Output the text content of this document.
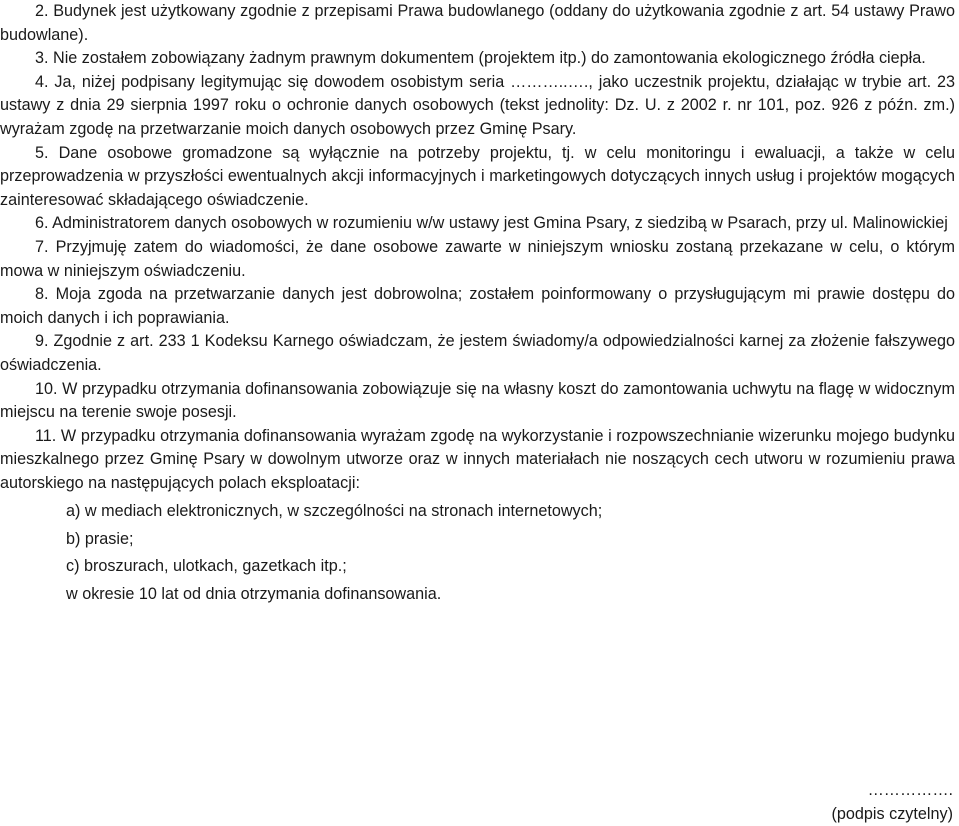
2. Budynek jest użytkowany zgodnie z przepisami Prawa budowlanego (oddany do użytkowania zgodnie z art. 54 ustawy Prawo budowlane).

3. Nie zostałem zobowiązany żadnym prawnym dokumentem (projektem itp.) do zamontowania ekologicznego źródła ciepła.

4. Ja, niżej podpisany legitymując się dowodem osobistym seria ………..…., jako uczestnik projektu, działając w trybie art. 23 ustawy z dnia 29 sierpnia 1997 roku o ochronie danych osobowych (tekst jednolity: Dz. U. z 2002 r. nr 101, poz. 926 z późn. zm.) wyrażam zgodę na przetwarzanie moich danych osobowych przez Gminę Psary.

5. Dane osobowe gromadzone są wyłącznie na potrzeby projektu, tj. w celu monitoringu i ewaluacji, a także w celu przeprowadzenia w przyszłości ewentualnych akcji informacyjnych i marketingowych dotyczących innych usług i projektów mogących zainteresować składającego oświadczenie.

6. Administratorem danych osobowych w rozumieniu w/w ustawy jest Gmina Psary, z siedzibą w Psarach, przy ul. Malinowickiej

7. Przyjmuję zatem do wiadomości, że dane osobowe zawarte w niniejszym wniosku zostaną przekazane w celu, o którym mowa w niniejszym oświadczeniu.

8. Moja zgoda na przetwarzanie danych jest dobrowolna; zostałem poinformowany o przysługującym mi prawie dostępu do moich danych i ich poprawiania.

9. Zgodnie z art. 233 1 Kodeksu Karnego oświadczam, że jestem świadomy/a odpowiedzialności karnej za złożenie fałszywego oświadczenia.

10. W przypadku otrzymania dofinansowania zobowiązuje się na własny koszt do zamontowania uchwytu na flagę w widocznym miejscu na terenie swoje posesji.

11. W przypadku otrzymania dofinansowania wyrażam zgodę na wykorzystanie i rozpowszechnianie wizerunku mojego budynku mieszkalnego przez Gminę Psary w dowolnym utworze oraz w innych materiałach nie noszących cech utworu w rozumieniu prawa autorskiego na następujących polach eksploatacji:

a) w mediach elektronicznych, w szczególności na stronach internetowych;

b) prasie;

c) broszurach, ulotkach, gazetkach itp.;

w okresie 10 lat od dnia otrzymania dofinansowania.

…………….
(podpis czytelny)
